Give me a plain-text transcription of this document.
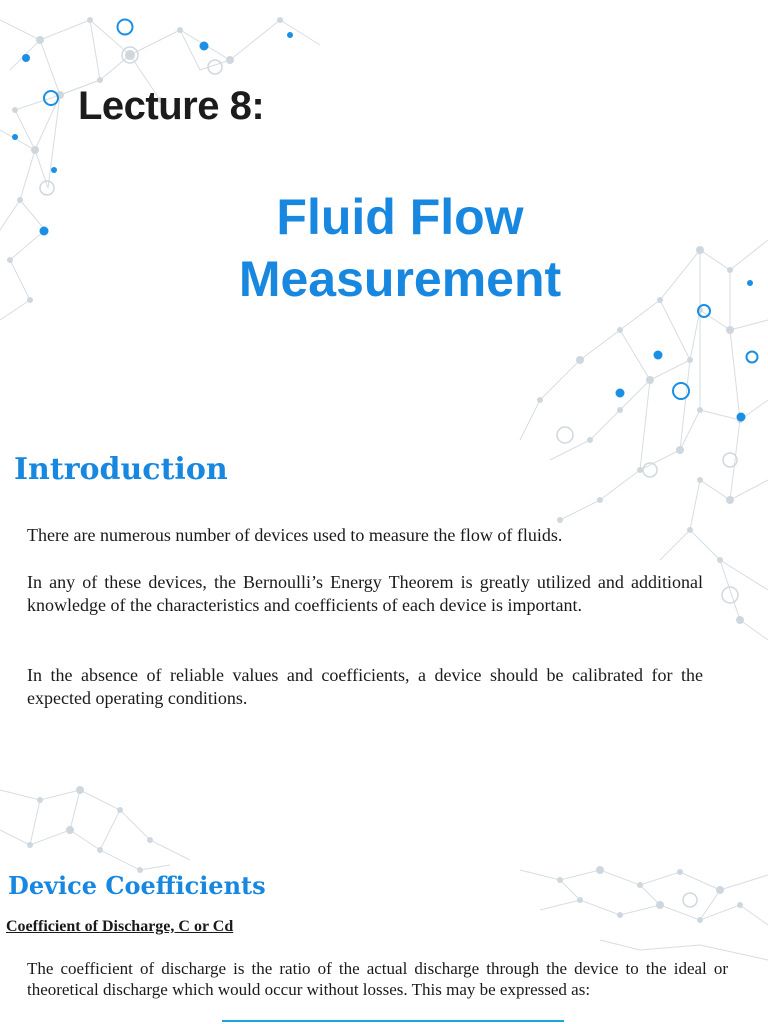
Lecture 8:
Fluid Flow
Measurement
Introduction

There are numerous number of devices used to measure the flow of fluids.

In any of these devices, the Bernoulli’s Energy Theorem is greatly utilized and additional knowledge of the characteristics and coefficients of each device is important.

In the absence of reliable values and coefficients, a device should be calibrated for the expected operating conditions.

Device Coefficients

Coefficient of Discharge, C or Cd

The coefficient of discharge is the ratio of the actual discharge through the device to the ideal or theoretical discharge which would occur without losses. This may be expressed as:
